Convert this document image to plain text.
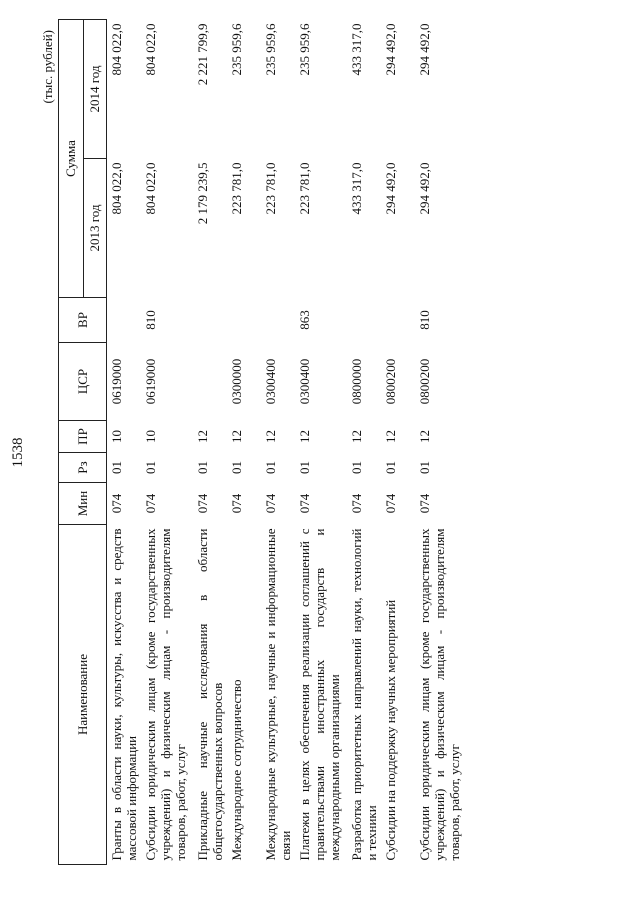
1538
(тыс. рублей)
Наименование	Мин	Рз	ПР	ЦСР	ВР	Сумма	
						2013 год	2014 год
Гранты в области науки, культуры, искусства и средств массовой информации	074	01	10	0619000		804 022,0	804 022,0
Субсидии юридическим лицам (кроме государственных учреждений) и физическим лицам - производителям товаров, работ, услуг	074	01	10	0619000	810	804 022,0	804 022,0
Прикладные научные исследования в области общегосударственных вопросов	074	01	12			2 179 239,5	2 221 799,9
Международное сотрудничество	074	01	12	0300000		223 781,0	235 959,6
Международные культурные, научные и информационные связи	074	01	12	0300400		223 781,0	235 959,6
Платежи в целях обеспечения реализации соглашений с правительствами иностранных государств и международными организациями	074	01	12	0300400	863	223 781,0	235 959,6
Разработка приоритетных направлений науки, технологий и техники	074	01	12	0800000		433 317,0	433 317,0
Субсидии на поддержку научных мероприятий	074	01	12	0800200		294 492,0	294 492,0
Субсидии юридическим лицам (кроме государственных учреждений) и физическим лицам - производителям товаров, работ, услуг	074	01	12	0800200	810	294 492,0	294 492,0
